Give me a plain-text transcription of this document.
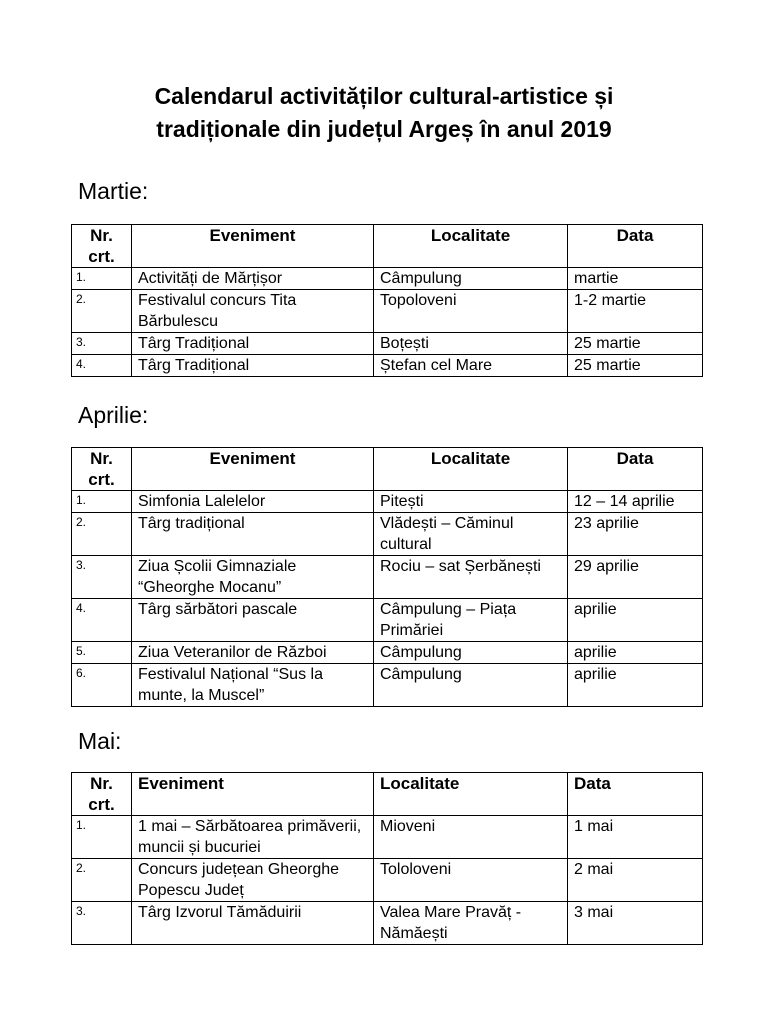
Calendarul activităților cultural-artistice și
tradiționale din județul Argeș în anul 2019
Martie:
Nr. crt.	Eveniment	Localitate	Data
1.	Activități de Mărțișor	Câmpulung	martie
2.	Festivalul concurs Tita Bărbulescu	Topoloveni	1-2 martie
3.	Târg Tradițional	Boțești	25 martie
4.	Târg Tradițional	Ștefan cel Mare	25 martie
Aprilie:
Nr. crt.	Eveniment	Localitate	Data
1.	Simfonia Lalelelor	Pitești	12 – 14 aprilie
2.	Târg tradițional	Vlădești – Căminul cultural	23 aprilie
3.	Ziua Școlii Gimnaziale “Gheorghe Mocanu”	Rociu – sat Șerbănești	29 aprilie
4.	Târg sărbători pascale	Câmpulung – Piața Primăriei	aprilie
5.	Ziua Veteranilor de Război	Câmpulung	aprilie
6.	Festivalul Național “Sus la munte, la Muscel”	Câmpulung	aprilie
Mai:
Nr. crt.	Eveniment	Localitate	Data
1.	1 mai – Sărbătoarea primăverii, muncii și bucuriei	Mioveni	1 mai
2.	Concurs județean Gheorghe Popescu Județ	Tololoveni	2 mai
3.	Târg Izvorul Tămăduirii	Valea Mare Pravăț - Nămăești	3 mai
